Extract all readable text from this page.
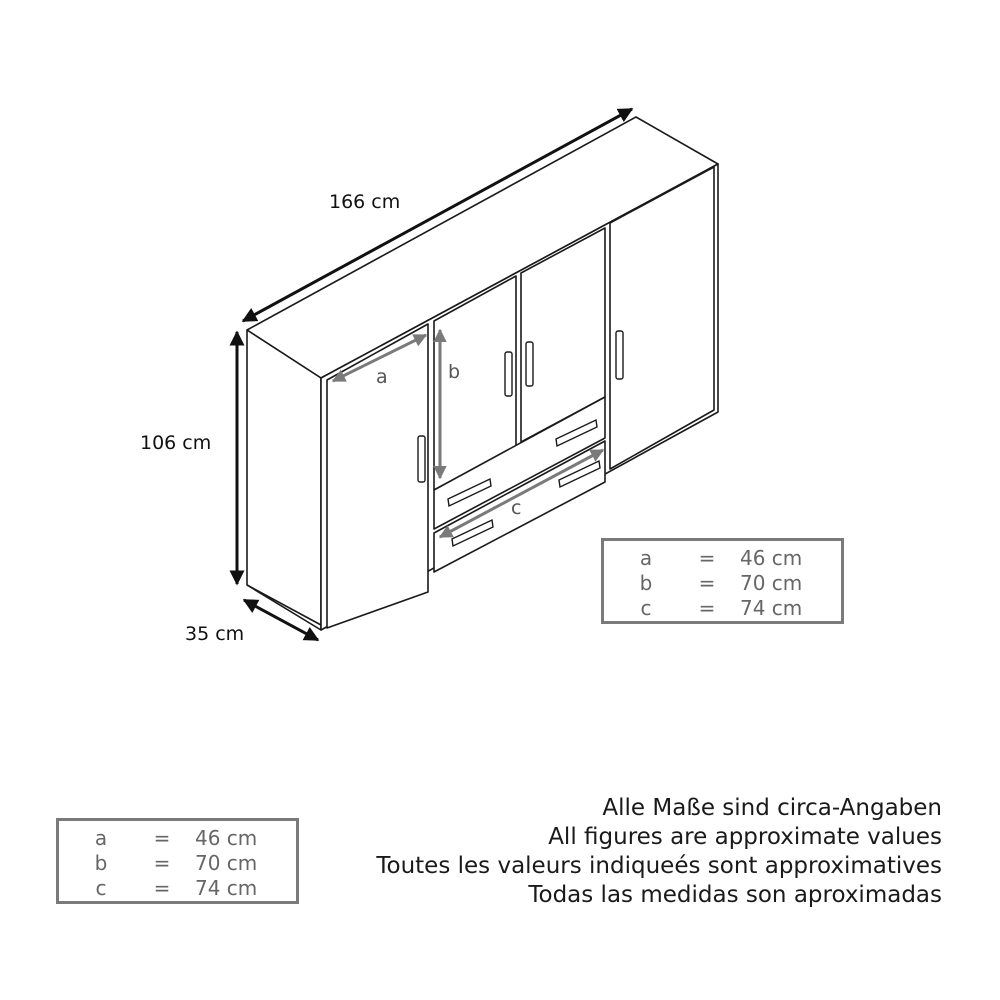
166 cm
106 cm
35 cm
a	b
c
a	=	46 cm
b	=	70 cm
c	=	74 cm
a	=	46 cm
b	=	70 cm
c	=	74 cm
Alle Maße sind circa-Angaben
All figures are approximate values
Toutes les valeurs indiqueés sont approximatives
Todas las medidas son aproximadas
